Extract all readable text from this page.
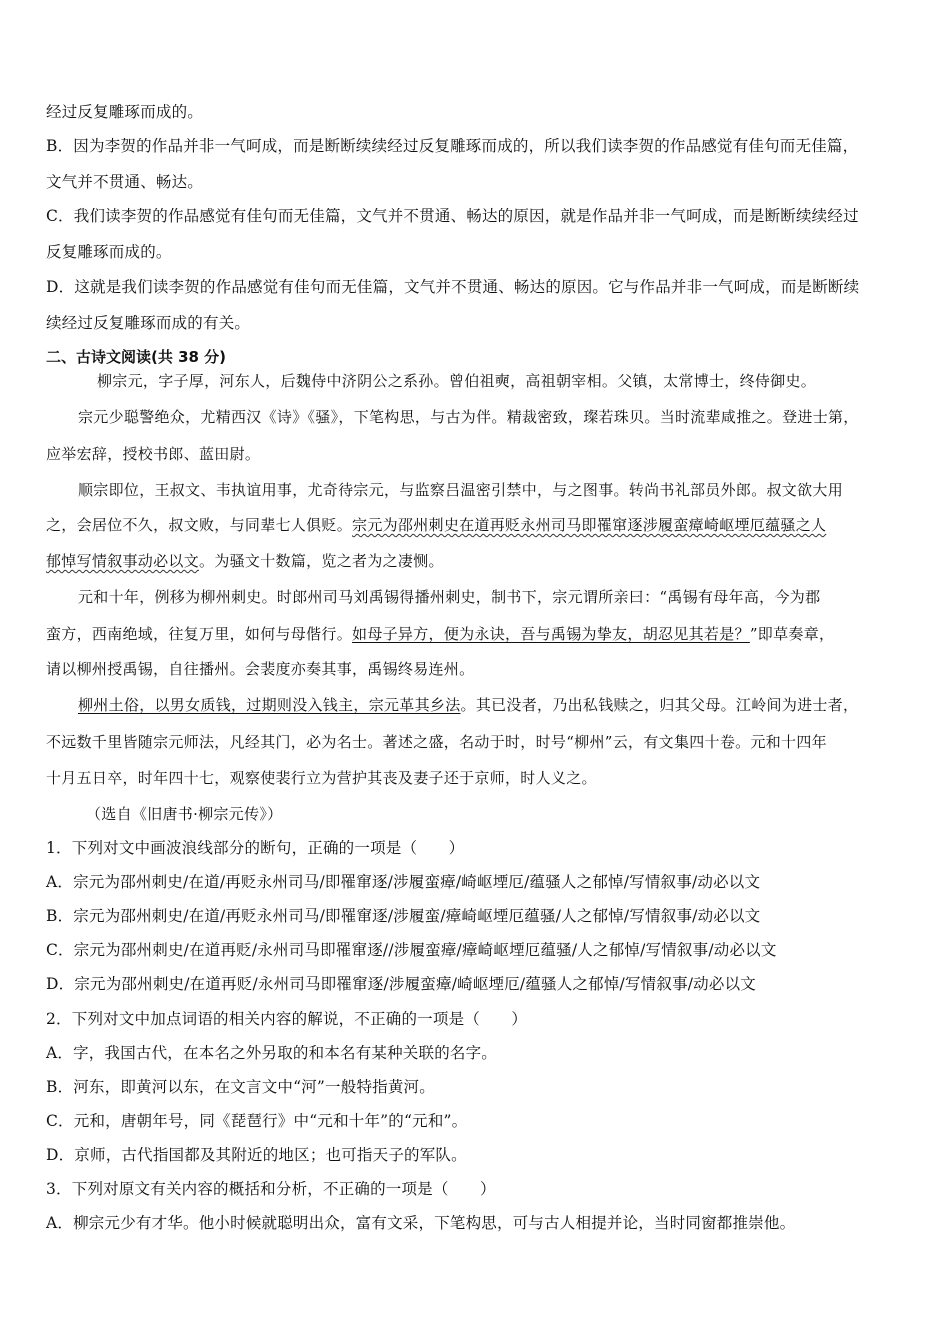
经过反复雕琢而成的。
B．因为李贺的作品并非一气呵成，而是断断续续经过反复雕琢而成的，所以我们读李贺的作品感觉有佳句而无佳篇，
文气并不贯通、畅达。
C．我们读李贺的作品感觉有佳句而无佳篇，文气并不贯通、畅达的原因，就是作品并非一气呵成，而是断断续续经过
反复雕琢而成的。
D．这就是我们读李贺的作品感觉有佳句而无佳篇，文气并不贯通、畅达的原因。它与作品并非一气呵成，而是断断续
续经过反复雕琢而成的有关。
二、古诗文阅读(共 38 分)
柳宗元，字子厚，河东人，后魏侍中济阴公之系孙。曾伯祖奭，高祖朝宰相。父镇，太常博士，终侍御史。
宗元少聪警绝众，尤精西汉《诗》《骚》，下笔构思，与古为伴。精裁密致，璨若珠贝。当时流辈咸推之。登进士第，
应举宏辞，授校书郎、蓝田尉。
顺宗即位，王叔文、韦执谊用事，尤奇待宗元，与监察吕温密引禁中，与之图事。转尚书礼部员外郎。叔文欲大用
之，会居位不久，叔文败，与同辈七人俱贬。宗元为邵州刺史在道再贬永州司马即罹窜逐涉履蛮瘴崎岖堙厄蕴骚之人
郁悼写情叙事动必以文。为骚文十数篇，览之者为之凄恻。
元和十年，例移为柳州刺史。时郎州司马刘禹锡得播州刺史，制书下，宗元谓所亲曰：“禹锡有母年高，今为郡
蛮方，西南绝域，往复万里，如何与母偕行。如母子异方，便为永诀，吾与禹锡为挚友，胡忍见其若是？”即草奏章，
请以柳州授禹锡，自往播州。会裴度亦奏其事，禹锡终易连州。
柳州土俗，以男女质钱，过期则没入钱主，宗元革其乡法。其已没者，乃出私钱赎之，归其父母。江岭间为进士者，
不远数千里皆随宗元师法，凡经其门，必为名士。著述之盛，名动于时，时号“柳州”云，有文集四十卷。元和十四年
十月五日卒，时年四十七，观察使裴行立为营护其丧及妻子还于京师，时人义之。
（选自《旧唐书·柳宗元传》）
1．下列对文中画波浪线部分的断句，正确的一项是（　　）
A．宗元为邵州刺史/在道/再贬永州司马/即罹窜逐/涉履蛮瘴/崎岖堙厄/蕴骚人之郁悼/写情叙事/动必以文
B．宗元为邵州刺史/在道/再贬永州司马/即罹窜逐/涉履蛮/瘴崎岖堙厄蕴骚/人之郁悼/写情叙事/动必以文
C．宗元为邵州刺史/在道再贬/永州司马即罹窜逐//涉履蛮瘴/瘴崎岖堙厄蕴骚/人之郁悼/写情叙事/动必以文
D．宗元为邵州刺史/在道再贬/永州司马即罹窜逐/涉履蛮瘴/崎岖堙厄/蕴骚人之郁悼/写情叙事/动必以文
2．下列对文中加点词语的相关内容的解说，不正确的一项是（　　）
A．字，我国古代，在本名之外另取的和本名有某种关联的名字。
B．河东，即黄河以东，在文言文中“河”一般特指黄河。
C．元和，唐朝年号，同《琵琶行》中“元和十年”的“元和”。
D．京师，古代指国都及其附近的地区；也可指天子的军队。
3．下列对原文有关内容的概括和分析，不正确的一项是（　　）
A．柳宗元少有才华。他小时候就聪明出众，富有文采，下笔构思，可与古人相提并论，当时同窗都推崇他。
